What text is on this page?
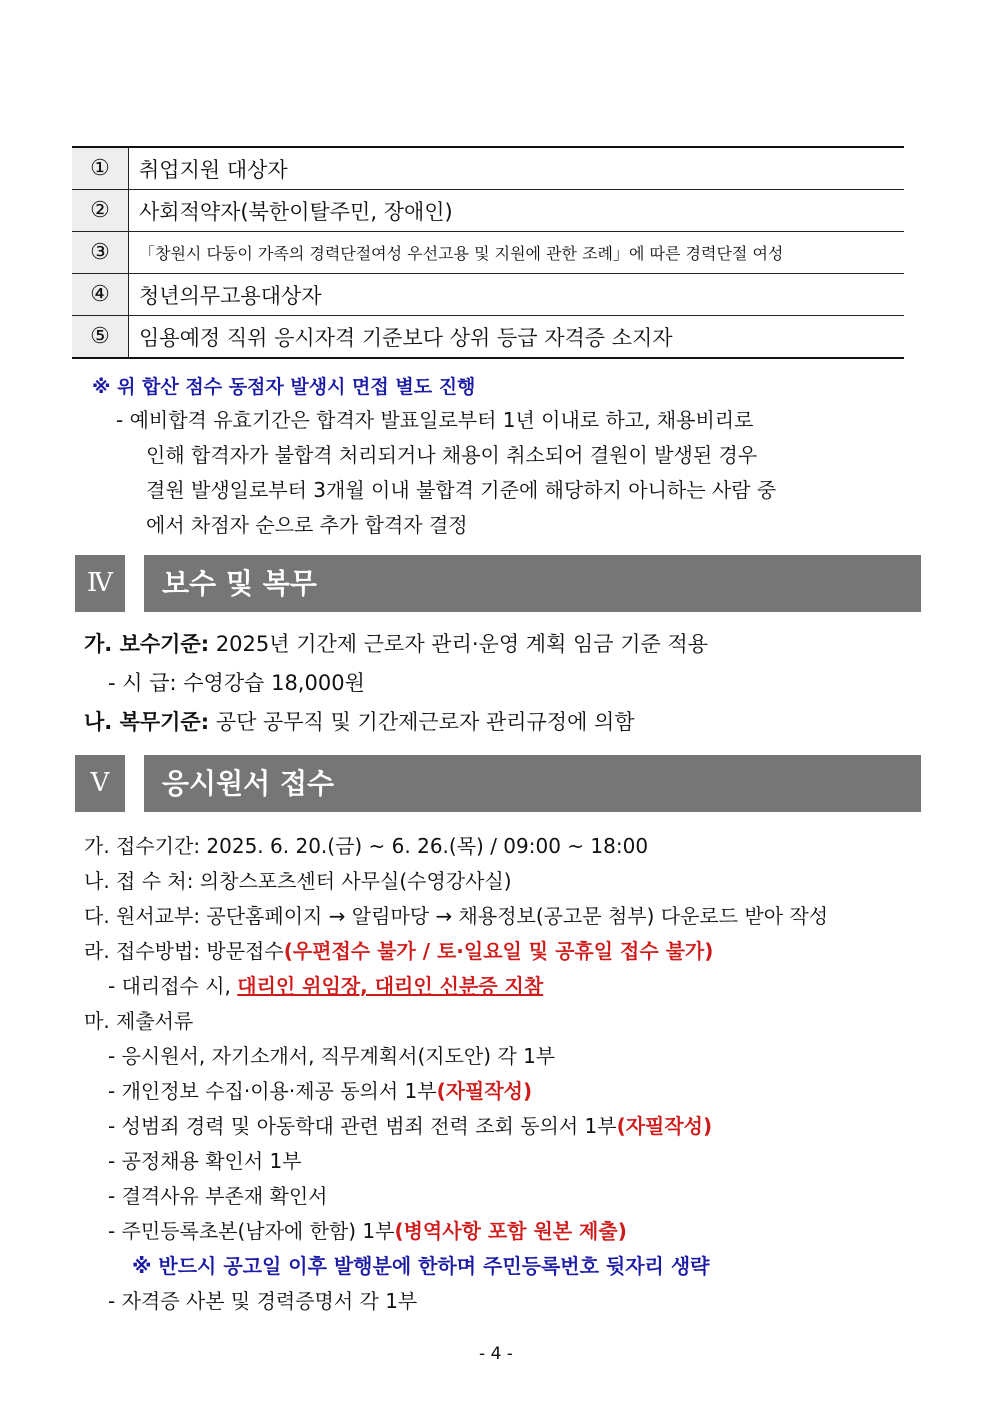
①	취업지원 대상자
②	사회적약자(북한이탈주민, 장애인)
③	「창원시 다둥이 가족의 경력단절여성 우선고용 및 지원에 관한 조례」에 따른 경력단절 여성
④	청년의무고용대상자
⑤	임용예정 직위 응시자격 기준보다 상위 등급 자격증 소지자
※ 위 합산 점수 동점자 발생시 면접 별도 진행
- 예비합격 유효기간은 합격자 발표일로부터 1년 이내로 하고, 채용비리로
인해 합격자가 불합격 처리되거나 채용이 취소되어 결원이 발생된 경우
결원 발생일로부터 3개월 이내 불합격 기준에 해당하지 아니하는 사람 중
에서 차점자 순으로 추가 합격자 결정
Ⅳ	보수 및 복무
가. 보수기준: 2025년 기간제 근로자 관리·운영 계획 임금 기준 적용
- 시 급: 수영강습 18,000원
나. 복무기준: 공단 공무직 및 기간제근로자 관리규정에 의함
Ⅴ	응시원서 접수
가. 접수기간: 2025. 6. 20.(금) ~ 6. 26.(목) / 09:00 ~ 18:00
나. 접 수 처: 의창스포츠센터 사무실(수영강사실)
다. 원서교부: 공단홈페이지 → 알림마당 → 채용정보(공고문 첨부) 다운로드 받아 작성
라. 접수방법: 방문접수(우편접수 불가 / 토·일요일 및 공휴일 접수 불가)
- 대리접수 시, 대리인 위임장, 대리인 신분증 지참
마. 제출서류
- 응시원서, 자기소개서, 직무계획서(지도안) 각 1부
- 개인정보 수집·이용·제공 동의서 1부(자필작성)
- 성범죄 경력 및 아동학대 관련 범죄 전력 조회 동의서 1부(자필작성)
- 공정채용 확인서 1부
- 결격사유 부존재 확인서
- 주민등록초본(남자에 한함) 1부(병역사항 포함 원본 제출)
※ 반드시 공고일 이후 발행분에 한하며 주민등록번호 뒷자리 생략
- 자격증 사본 및 경력증명서 각 1부
- 4 -
